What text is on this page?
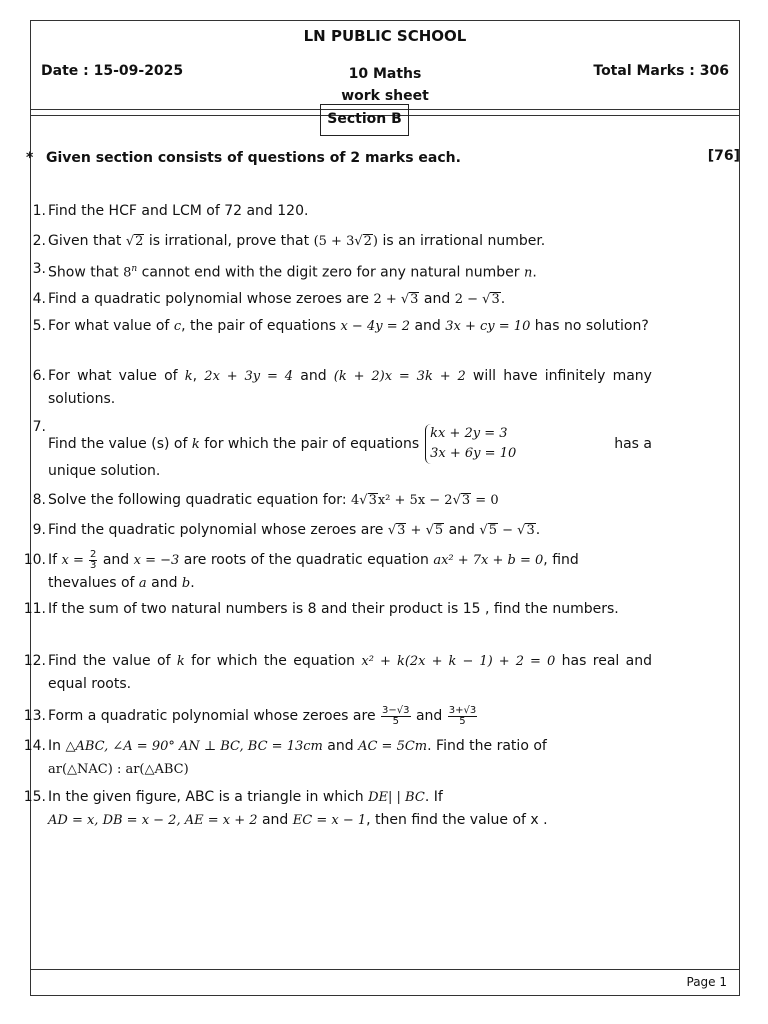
LN PUBLIC SCHOOL
Date : 15-09-2025	10 Maths
work sheet
Total Marks : 306
Page 1
Section B
* Given section consists of questions of 2 marks each.	[76]
1. Find the HCF and LCM of 72 and 120.
2. Given that √2 is irrational, prove that (5 + 3√2) is an irrational number.
3. Show that 8$^n$ cannot end with the digit zero for any natural number n.
4. Find a quadratic polynomial whose zeroes are 2 + √3 and 2 − √3.
5. For what value of c, the pair of equations x − 4y = 2 and 3x + cy = 10 has no solution?
6. For what value of k, 2x + 3y = 4 and (k + 2)x = 3k + 2 will have infinitely many solutions.
7.
Find the value (s) of k for which the pair of equations
kx + 2y = 3
3x + 6y = 10
has a
unique solution.
8. Solve the following quadratic equation for: 4√3x² + 5x − 2√3 = 0
9. Find the quadratic polynomial whose zeroes are √3 + √5 and √5 − √3.
10. If $x = \frac{2}{3}$ and x = −3 are roots of the quadratic equation ax² + 7x + b = 0, find
thevalues of a and b.
11. If the sum of two natural numbers is 8 and their product is 15 , find the numbers.
12. Find the value of k for which the equation x² + k(2x + k − 1) + 2 = 0 has real and equal roots.
13. Form a quadratic polynomial whose zeroes are $\frac{3-√3}{5}$ and $\frac{3+√3}{5}$
14. In △ABC, ∠A = 90° AN ⊥ BC, BC = 13cm and AC = 5Cm. Find the ratio of
ar(△NAC) : ar(△ABC)
15. In the given figure, ABC is a triangle in which DE| | BC. If
AD = x, DB = x − 2, AE = x + 2 and EC = x − 1, then find the value of x .
